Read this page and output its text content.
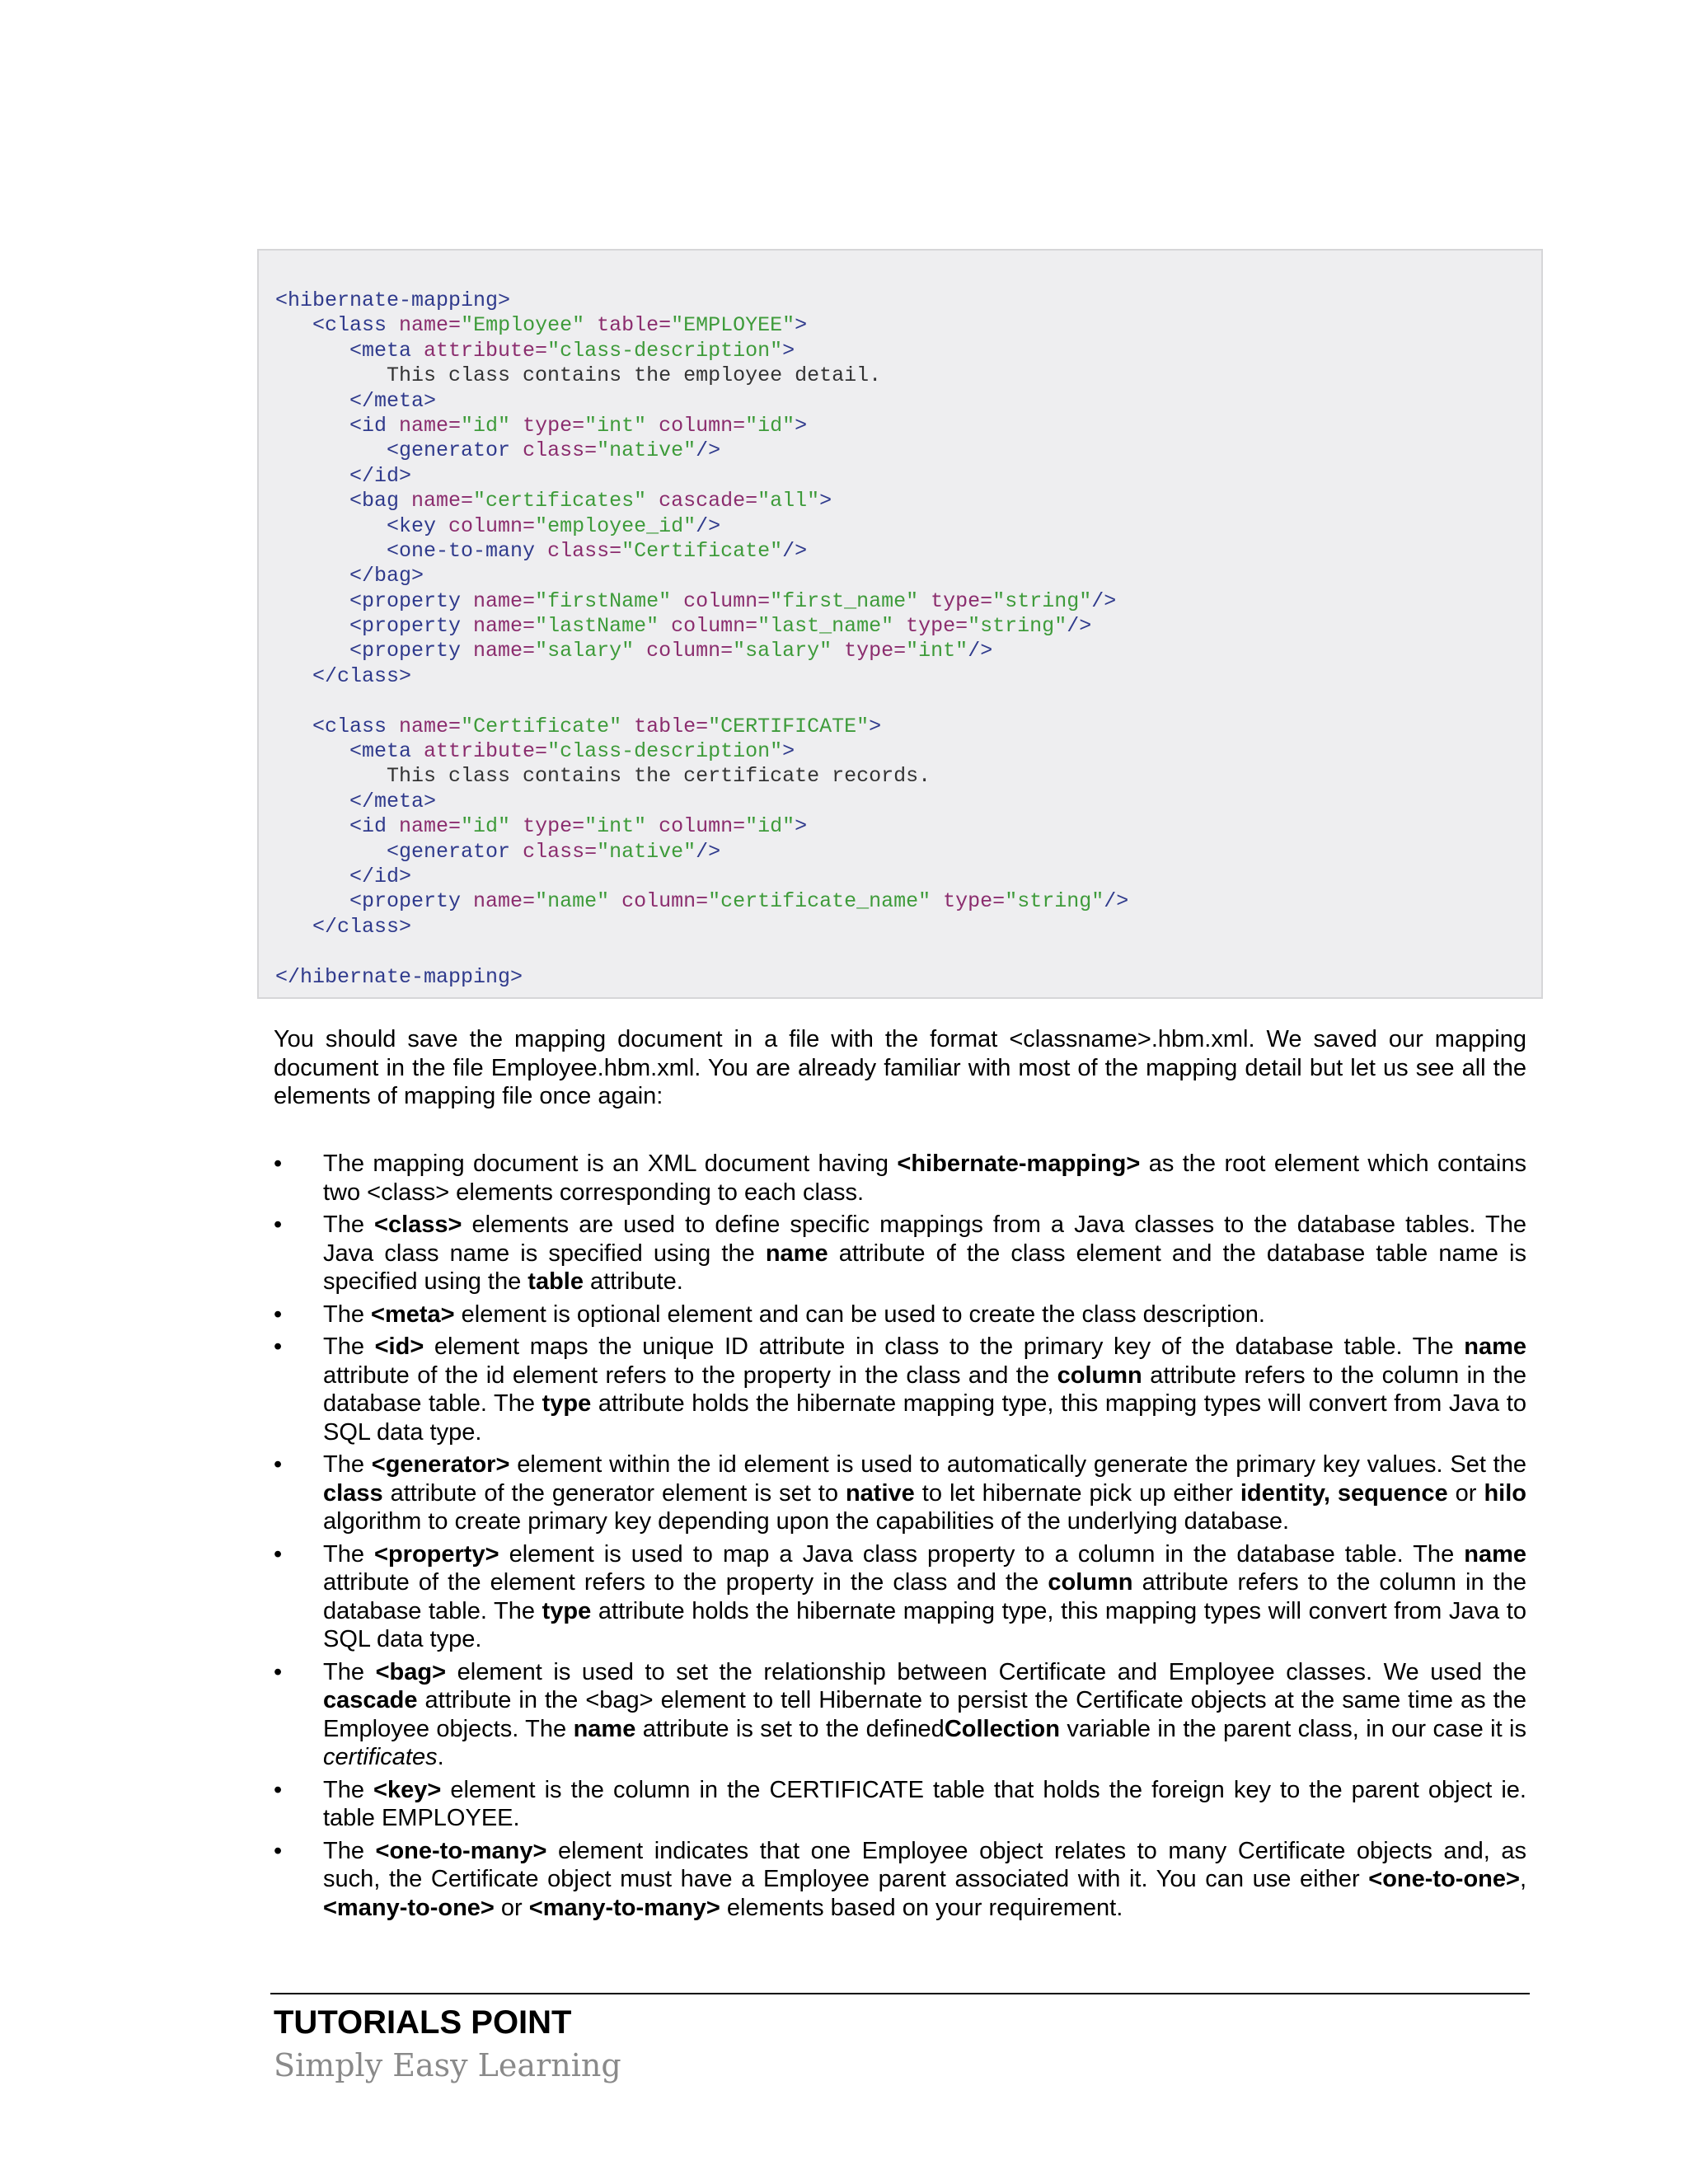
<hibernate-mapping>
<class name="Employee" table="EMPLOYEE">
<meta attribute="class-description">
This class contains the employee detail.
</meta>
<id name="id" type="int" column="id">
<generator class="native"/>
</id>
<bag name="certificates" cascade="all">
<key column="employee_id"/>
<one-to-many class="Certificate"/>
</bag>
<property name="firstName" column="first_name" type="string"/>
<property name="lastName" column="last_name" type="string"/>
<property name="salary" column="salary" type="int"/>
</class>
<class name="Certificate" table="CERTIFICATE">
<meta attribute="class-description">
This class contains the certificate records.
</meta>
<id name="id" type="int" column="id">
<generator class="native"/>
</id>
<property name="name" column="certificate_name" type="string"/>
</class>
</hibernate-mapping>

You should save the mapping document in a file with the format <classname>.hbm.xml. We saved our mapping document in the file Employee.hbm.xml. You are already familiar with most of the mapping detail but let us see all the elements of mapping file once again:

• The mapping document is an XML document having <hibernate-mapping> as the root element which contains two <class> elements corresponding to each class.
• The <class> elements are used to define specific mappings from a Java classes to the database tables. The Java class name is specified using the name attribute of the class element and the database table name is specified using the table attribute.
• The <meta> element is optional element and can be used to create the class description.
• The <id> element maps the unique ID attribute in class to the primary key of the database table. The name attribute of the id element refers to the property in the class and the column attribute refers to the column in the database table. The type attribute holds the hibernate mapping type, this mapping types will convert from Java to SQL data type.
• The <generator> element within the id element is used to automatically generate the primary key values. Set the class attribute of the generator element is set to native to let hibernate pick up either identity, sequence or hilo algorithm to create primary key depending upon the capabilities of the underlying database.
• The <property> element is used to map a Java class property to a column in the database table. The name attribute of the element refers to the property in the class and the column attribute refers to the column in the database table. The type attribute holds the hibernate mapping type, this mapping types will convert from Java to SQL data type.
• The <bag> element is used to set the relationship between Certificate and Employee classes. We used the cascade attribute in the <bag> element to tell Hibernate to persist the Certificate objects at the same time as the Employee objects. The name attribute is set to the definedCollection variable in the parent class, in our case it is certificates.
• The <key> element is the column in the CERTIFICATE table that holds the foreign key to the parent object ie. table EMPLOYEE.
• The <one-to-many> element indicates that one Employee object relates to many Certificate objects and, as such, the Certificate object must have a Employee parent associated with it. You can use either <one-to-one>, <many-to-one> or <many-to-many> elements based on your requirement.
TUTORIALS POINT
Simply Easy Learning
